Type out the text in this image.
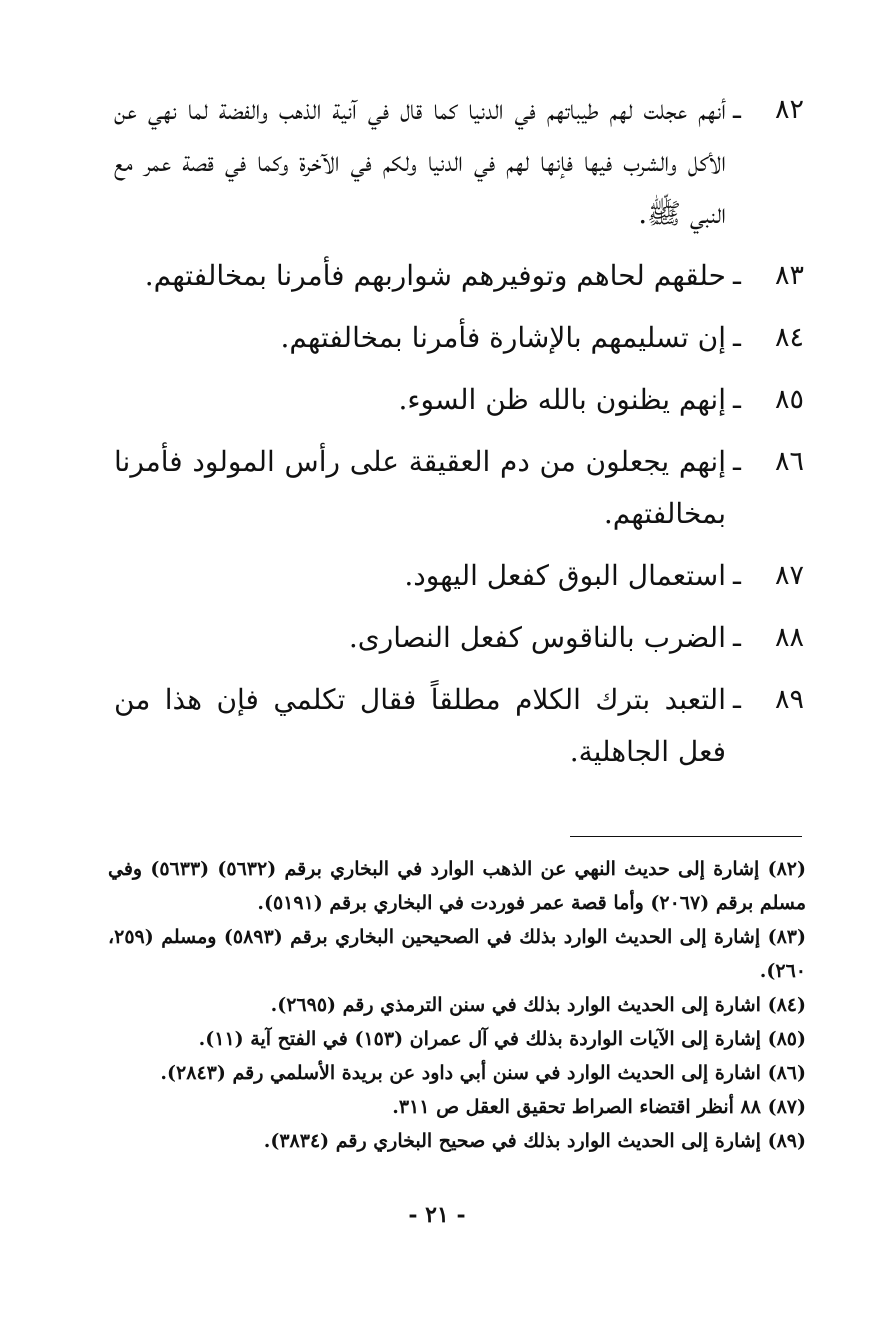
٨٢
ـ
أنهم عجلت لهم طيباتهم في الدنيا كما قال في آنية الذهب والفضة لما نهي عن الأكل والشرب فيها فإنها لهم في الدنيا ولكم في الآخرة وكما في قصة عمر مع النبي ﷺ.
٨٣
ـ
حلقهم لحاهم وتوفيرهم شواربهم فأمرنا بمخالفتهم.
٨٤
ـ
إن تسليمهم بالإشارة فأمرنا بمخالفتهم.
٨٥
ـ
إنهم يظنون بالله ظن السوء.
٨٦
ـ
إنهم يجعلون من دم العقيقة على رأس المولود فأمرنا بمخالفتهم.
٨٧
ـ
استعمال البوق كفعل اليهود.
٨٨
ـ
الضرب بالناقوس كفعل النصارى.
٨٩
ـ
التعبد بترك الكلام مطلقاً فقال تكلمي فإن هذا من فعل الجاهلية.
(٨٢) إشارة إلى حديث النهي عن الذهب الوارد في البخاري برقم (٥٦٣٢) (٥٦٣٣) وفي مسلم برقم (٢٠٦٧) وأما قصة عمر فوردت في البخاري برقم (٥١٩١).
(٨٣) إشارة إلى الحديث الوارد بذلك في الصحيحين البخاري برقم (٥٨٩٣) ومسلم (٢٥٩، ٢٦٠).
(٨٤) اشارة إلى الحديث الوارد بذلك في سنن الترمذي رقم (٢٦٩٥).
(٨٥) إشارة إلى الآيات الواردة بذلك في آل عمران (١٥٣) في الفتح آية (١١).
(٨٦) اشارة إلى الحديث الوارد في سنن أبي داود عن بريدة الأسلمي رقم (٢٨٤٣).
(٨٧) ٨٨ أنظر اقتضاء الصراط تحقيق العقل ص ٣١١.
(٨٩) إشارة إلى الحديث الوارد بذلك في صحيح البخاري رقم (٣٨٣٤).
- ٢١ -
